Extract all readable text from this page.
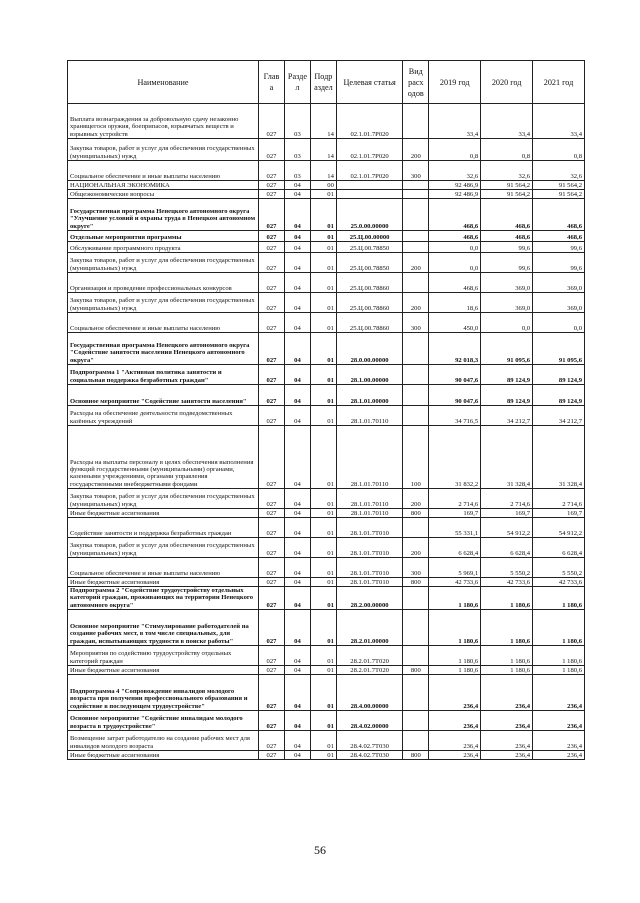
Наименование	Глав а	Разде л	Подр аздел	Целевая статья	Вид расх одов	2019 год	2020 год	2021 год
Выплата вознаграждения за добровольную сдачу незаконно хранящегося оружия, боеприпасов, взрывчатых веществ и взрывных устройств	027	03	14	02.1.01.7Р020		33,4	33,4	33,4
Закупка товаров, работ и услуг для обеспечения государственных (муниципальных) нужд	027	03	14	02.1.01.7Р020	200	0,8	0,8	0,8
Социальное обеспечение и иные выплаты населению	027	03	14	02.1.01.7Р020	300	32,6	32,6	32,6
НАЦИОНАЛЬНАЯ ЭКОНОМИКА	027	04	00			92 486,9	91 564,2	91 564,2
Общеэкономические вопросы	027	04	01			92 486,9	91 564,2	91 564,2
Государственная программа Ненецкого автономного округа "Улучшение условий и охраны труда в Ненецком автономном округе"	027	04	01	25.0.00.00000		468,6	468,6	468,6
Отдельные мероприятия программы	027	04	01	25.Ц.00.00000		468,6	468,6	468,6
Обслуживание программного продукта	027	04	01	25.Ц.00.78850		0,0	99,6	99,6
Закупка товаров, работ и услуг для обеспечения государственных (муниципальных) нужд	027	04	01	25.Ц.00.78850	200	0,0	99,6	99,6
Организация и проведение профессиональных конкурсов	027	04	01	25.Ц.00.78860		468,6	369,0	369,0
Закупка товаров, работ и услуг для обеспечения государственных (муниципальных) нужд	027	04	01	25.Ц.00.78860	200	18,6	369,0	369,0
Социальное обеспечение и иные выплаты населению	027	04	01	25.Ц.00.78860	300	450,0	0,0	0,0
Государственная программа Ненецкого автономного округа "Содействие занятости населения Ненецкого автономного округа"	027	04	01	28.0.00.00000		92 018,3	91 095,6	91 095,6
Подпрограмма 1 "Активная политика занятости и социальная поддержка безработных граждан"	027	04	01	28.1.00.00000		90 047,6	89 124,9	89 124,9
Основное мероприятие "Содействие занятости населения"	027	04	01	28.1.01.00000		90 047,6	89 124,9	89 124,9
Расходы на обеспечение деятельности подведомственных казённых учреждений	027	04	01	28.1.01.70110		34 716,5	34 212,7	34 212,7
Расходы на выплаты персоналу в целях обеспечения выполнения функций государственными (муниципальными) органами, казенными учреждениями, органами управления государственными внебюджетными фондами	027	04	01	28.1.01.70110	100	31 832,2	31 328,4	31 328,4
Закупка товаров, работ и услуг для обеспечения государственных (муниципальных) нужд	027	04	01	28.1.01.70110	200	2 714,6	2 714,6	2 714,6
Иные бюджетные ассигнования	027	04	01	28.1.01.70110	800	169,7	169,7	169,7
Содействие занятости и поддержка безработных граждан	027	04	01	28.1.01.7Т010		55 331,1	54 912,2	54 912,2
Закупка товаров, работ и услуг для обеспечения государственных (муниципальных) нужд	027	04	01	28.1.01.7Т010	200	6 628,4	6 628,4	6 628,4
Социальное обеспечение и иные выплаты населению	027	04	01	28.1.01.7Т010	300	5 969,1	5 550,2	5 550,2
Иные бюджетные ассигнования	027	04	01	28.1.01.7Т010	800	42 733,6	42 733,6	42 733,6
Подпрограмма 2 "Содействие трудоустройству отдельных категорий граждан, проживающих на территории Ненецкого автономного округа"	027	04	01	28.2.00.00000		1 180,6	1 180,6	1 180,6
Основное мероприятие "Стимулирование работодателей на создание рабочих мест, в том числе специальных, для граждан, испытывающих трудности в поиске работы"	027	04	01	28.2.01.00000		1 180,6	1 180,6	1 180,6
Мероприятия по содействию трудоустройству отдельных категорий граждан	027	04	01	28.2.01.7Т020		1 180,6	1 180,6	1 180,6
Иные бюджетные ассигнования	027	04	01	28.2.01.7Т020	800	1 180,6	1 180,6	1 180,6
Подпрограмма 4 "Сопровождение инвалидов молодого возраста при получении профессионального образования и содействие в последующем трудоустройстве"	027	04	01	28.4.00.00000		236,4	236,4	236,4
Основное мероприятие "Содействие инвалидам молодого возраста в трудоустройстве"	027	04	01	28.4.02.00000		236,4	236,4	236,4
Возмещение затрат работодателю на создание рабочих мест для инвалидов молодого возраста	027	04	01	28.4.02.7Т030		236,4	236,4	236,4
Иные бюджетные ассигнования	027	04	01	28.4.02.7Т030	800	236,4	236,4	236,4
56
